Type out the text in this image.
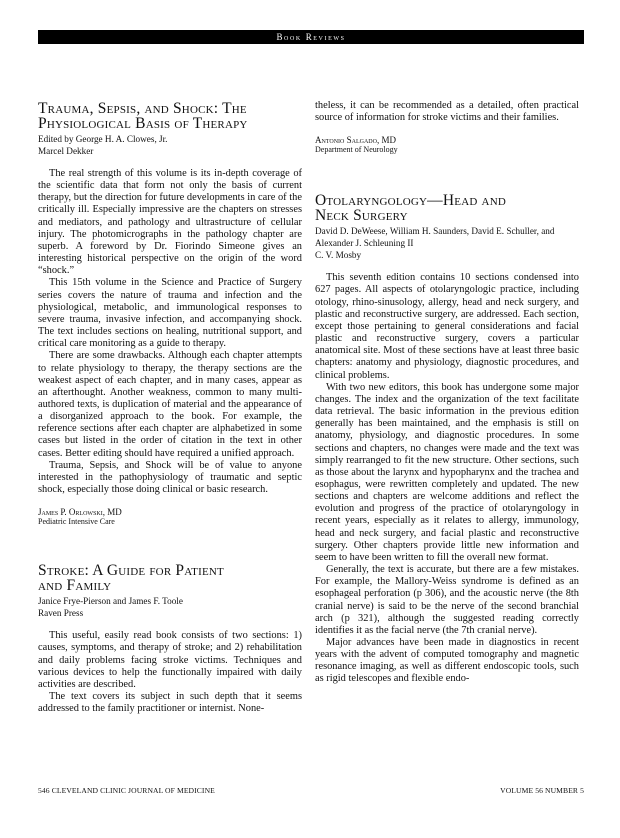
Book Reviews
Trauma, Sepsis, and Shock: The
Physiological Basis of Therapy

Edited by George H. A. Clowes, Jr.

Marcel Dekker

The real strength of this volume is its in-depth coverage of the scientific data that form not only the basis of current therapy, but the direction for future developments in care of the critically ill. Especially impressive are the chapters on stresses and mediators, and pathology and ultrastructure of cellular injury. The photomicrographs in the pathology chapter are superb. A foreword by Dr. Fiorindo Simeone gives an interesting historical perspective on the origin of the word “shock.”

This 15th volume in the Science and Practice of Surgery series covers the nature of trauma and infection and the physiological, metabolic, and immunological responses to severe trauma, invasive infection, and accompanying shock. The text includes sections on healing, nutritional support, and critical care monitoring as a guide to therapy.

There are some drawbacks. Although each chapter attempts to relate physiology to therapy, the therapy sections are the weakest aspect of each chapter, and in many cases, appear as an afterthought. Another weakness, common to many multi-authored texts, is duplication of material and the appearance of a disorganized approach to the book. For example, the reference sections after each chapter are alphabetized in some cases but listed in the order of citation in the text in other cases. Better editing should have required a unified approach.

Trauma, Sepsis, and Shock will be of value to anyone interested in the pathophysiology of traumatic and septic shock, especially those doing clinical or basic research.

James P. Orlowski, MD
Pediatric Intensive Care
Stroke: A Guide for Patient
and Family

Janice Frye-Pierson and James F. Toole

Raven Press

This useful, easily read book consists of two sections: 1) causes, symptoms, and therapy of stroke; and 2) rehabilitation and daily problems facing stroke victims. Techniques and various devices to help the functionally impaired with daily activities are described.

The text covers its subject in such depth that it seems addressed to the family practitioner or internist. None-

theless, it can be recommended as a detailed, often practical source of information for stroke victims and their families.

Antonio Salgado, MD
Department of Neurology
Otolaryngology—Head and
Neck Surgery

David D. DeWeese, William H. Saunders, David E. Schuller, and Alexander J. Schleuning II

C. V. Mosby

This seventh edition contains 10 sections condensed into 627 pages. All aspects of otolaryngologic practice, including otology, rhino-sinusology, allergy, head and neck surgery, and plastic and reconstructive surgery, are addressed. Each section, except those pertaining to general considerations and facial plastic and reconstructive surgery, covers a particular anatomical site. Most of these sections have at least three basic chapters: anatomy and physiology, diagnostic procedures, and clinical problems.

With two new editors, this book has undergone some major changes. The index and the organization of the text facilitate data retrieval. The basic information in the previous edition generally has been maintained, and the emphasis is still on anatomy, physiology, and diagnostic procedures. In some sections and chapters, no changes were made and the text was simply rearranged to fit the new structure. Other sections, such as those about the larynx and hypopharynx and the trachea and esophagus, were rewritten completely and updated. The new sections and chapters are welcome additions and reflect the evolution and progress of the practice of otolaryngology in recent years, especially as it relates to allergy, immunology, head and neck surgery, and facial plastic and reconstructive surgery. Other chapters provide little new information and seem to have been written to fill the overall new format.

Generally, the text is accurate, but there are a few mistakes. For example, the Mallory-Weiss syndrome is defined as an esophageal perforation (p 306), and the acoustic nerve (the 8th cranial nerve) is said to be the nerve of the second branchial arch (p 321), although the suggested reading correctly identifies it as the facial nerve (the 7th cranial nerve).

Major advances have been made in diagnostics in recent years with the advent of computed tomography and magnetic resonance imaging, as well as different endoscopic tools, such as rigid telescopes and flexible endo-

546 CLEVELAND CLINIC JOURNAL OF MEDICINE	VOLUME 56 NUMBER 5
